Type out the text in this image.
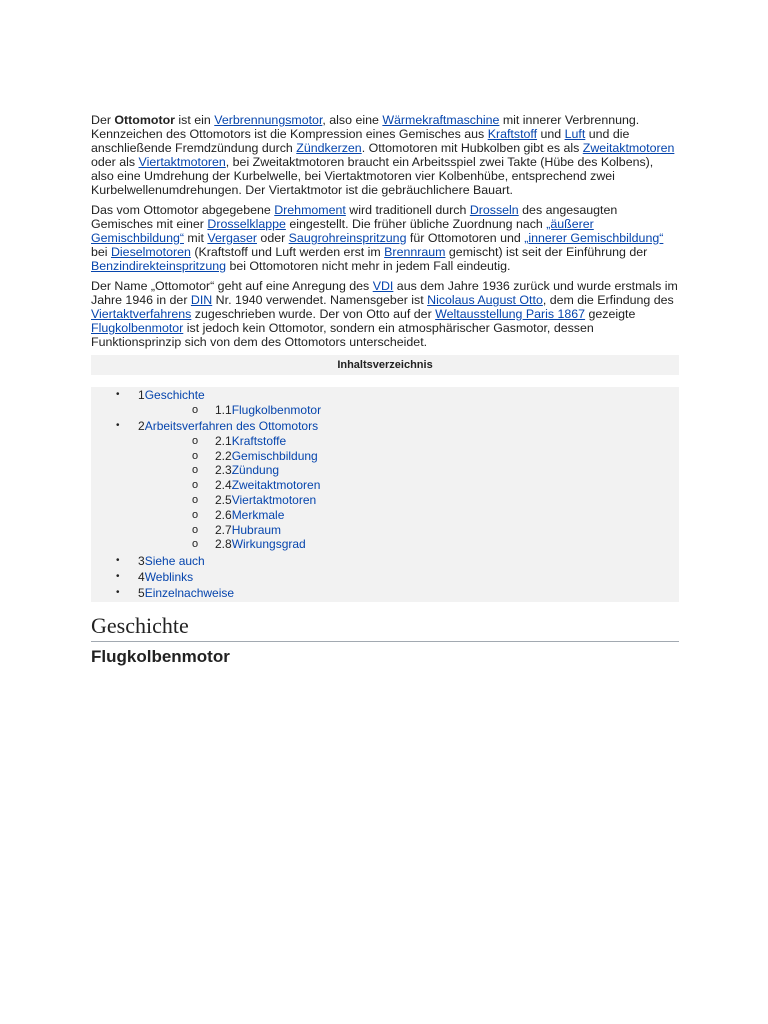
Der Ottomotor ist ein Verbrennungsmotor, also eine Wärmekraftmaschine mit innerer Verbrennung. Kennzeichen des Ottomotors ist die Kompression eines Gemisches aus Kraftstoff und Luft und die anschließende Fremdzündung durch Zündkerzen. Ottomotoren mit Hubkolben gibt es als Zweitaktmotoren oder als Viertaktmotoren, bei Zweitaktmotoren braucht ein Arbeitsspiel zwei Takte (Hübe des Kolbens), also eine Umdrehung der Kurbelwelle, bei Viertaktmotoren vier Kolbenhübe, entsprechend zwei Kurbelwellenumdrehungen. Der Viertaktmotor ist die gebräuchlichere Bauart.

Das vom Ottomotor abgegebene Drehmoment wird traditionell durch Drosseln des angesaugten Gemisches mit einer Drosselklappe eingestellt. Die früher übliche Zuordnung nach „äußerer Gemischbildung“ mit Vergaser oder Saugrohreinspritzung für Ottomotoren und „innerer Gemischbildung“ bei Dieselmotoren (Kraftstoff und Luft werden erst im Brennraum gemischt) ist seit der Einführung der Benzindirekteinspritzung bei Ottomotoren nicht mehr in jedem Fall eindeutig.

Der Name „Ottomotor“ geht auf eine Anregung des VDI aus dem Jahre 1936 zurück und wurde erstmals im Jahre 1946 in der DIN Nr. 1940 verwendet. Namensgeber ist Nicolaus August Otto, dem die Erfindung des Viertaktverfahrens zugeschrieben wurde. Der von Otto auf der Weltausstellung Paris 1867 gezeigte Flugkolbenmotor ist jedoch kein Ottomotor, sondern ein atmosphärischer Gasmotor, dessen Funktionsprinzip sich von dem des Ottomotors unterscheidet.

Inhaltsverzeichnis
• 1Geschichte
o 1.1Flugkolbenmotor
• 2Arbeitsverfahren des Ottomotors
o 2.1Kraftstoffe
o 2.2Gemischbildung
o 2.3Zündung
o 2.4Zweitaktmotoren
o 2.5Viertaktmotoren
o 2.6Merkmale
o 2.7Hubraum
o 2.8Wirkungsgrad
• 3Siehe auch
• 4Weblinks
• 5Einzelnachweise
Geschichte
Flugkolbenmotor
